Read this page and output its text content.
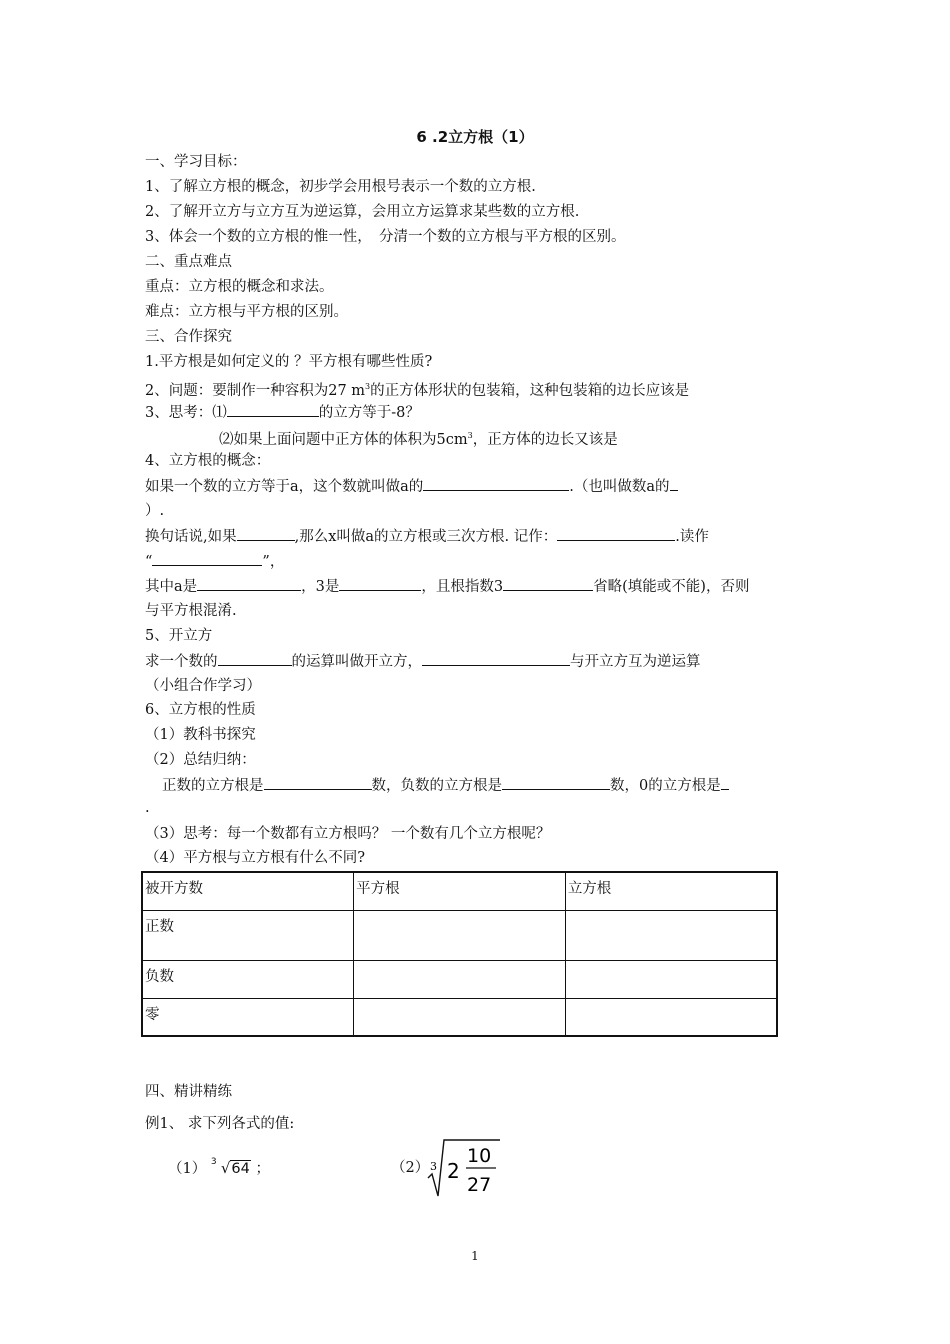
6 .2立方根（1）
一、学习目标：
1、了解立方根的概念，初步学会用根号表示一个数的立方根.
2、了解开立方与立方互为逆运算，会用立方运算求某些数的立方根.
3、体会一个数的立方根的惟一性，　分清一个数的立方根与平方根的区别。
二、重点难点
重点：立方根的概念和求法。
难点：立方根与平方根的区别。
三、合作探究
1.平方根是如何定义的 ？平方根有哪些性质?
2、问题：要制作一种容积为27 $m^3$的正方体形状的包装箱，这种包装箱的边长应该是
3、思考：⑴	的立方等于-8？
⑵如果上面问题中正方体的体积为$5cm^3$，正方体的边长又该是
4、立方根的概念：
如果一个数的立方等于a，这个数就叫做a的	.（也叫做数a的
）.
换句话说,如果	,那么x叫做a的立方根或三次方根. 记作：	.读作
“	”，
其中a是	，3是	，且根指数3	省略(填能或不能)，否则
与平方根混淆.
5、开立方
求一个数的	的运算叫做开立方，	与开立方互为逆运算
（小组合作学习）
6、立方根的性质
（1）教科书探究
（2）总结归纳：
正数的立方根是	数，负数的立方根是	数，0的立方根是
.
（3）思考：每一个数都有立方根吗？ 一个数有几个立方根呢？
（4）平方根与立方根有什么不同?
被开方数	平方根	立方根
正数		
负数		
零		
四、精讲精练
例1、 求下列各式的值:
（1） 3 √64 ；	（2） 3 2
10
27
1
